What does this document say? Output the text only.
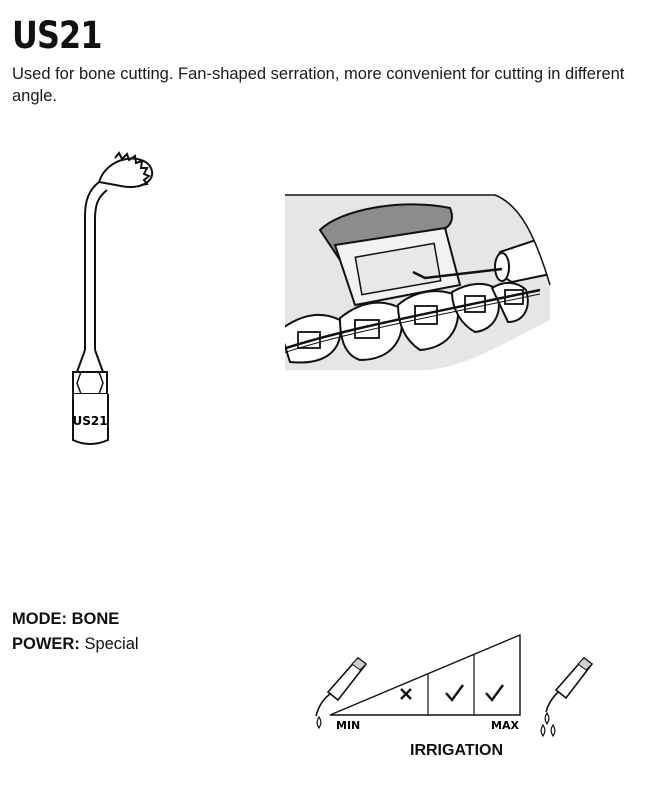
US21
Used for bone cutting. Fan-shaped serration, more convenient for cutting in different angle.
US21
MODE: BONE
POWER: Special
MIN	MAX
IRRIGATION
